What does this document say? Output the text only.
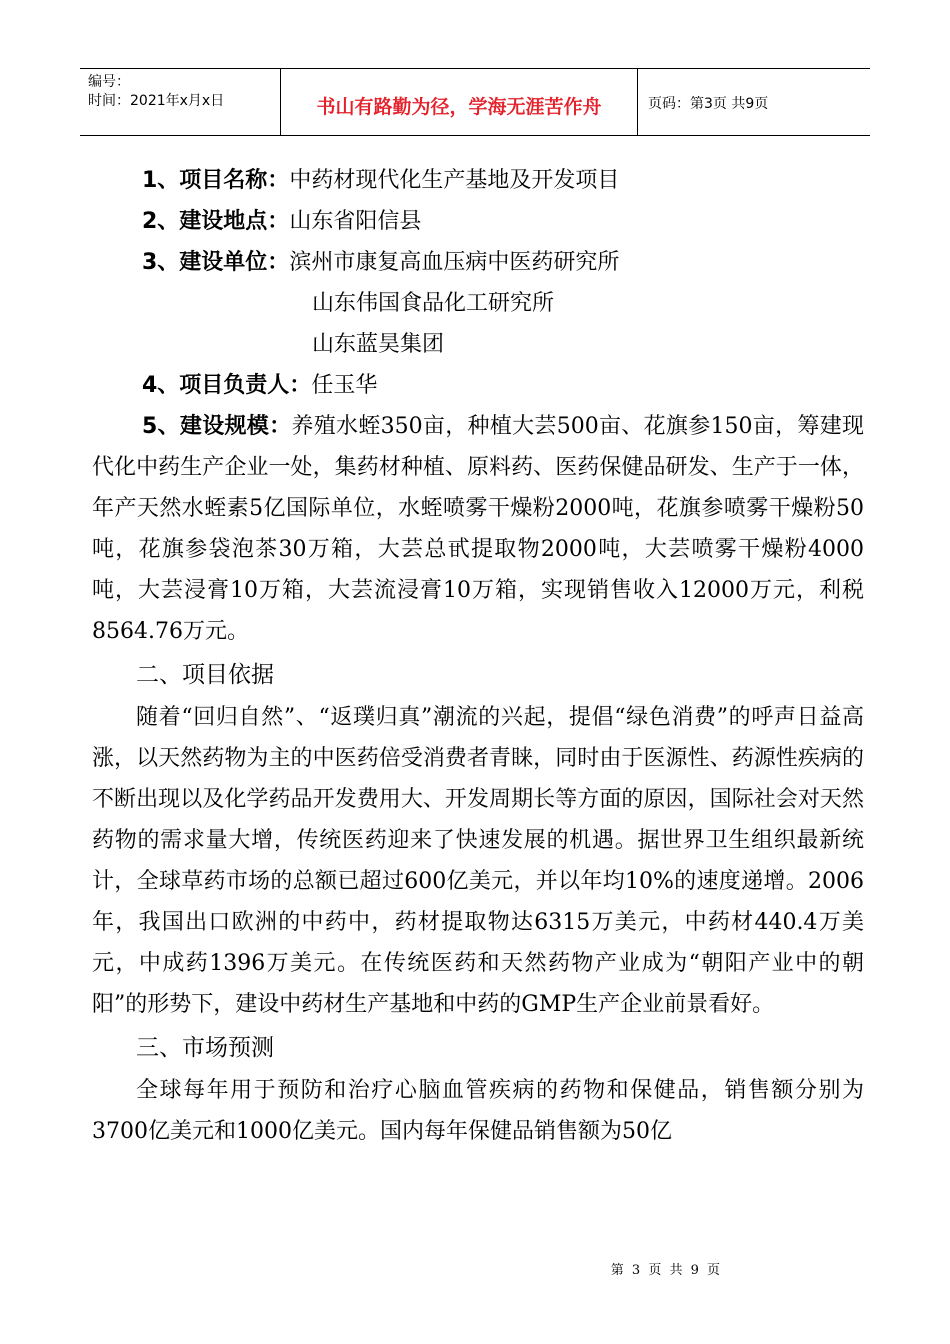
编号：
时间：2021年x月x日	书山有路勤为径，学海无涯苦作舟	页码：第3页 共9页
1、项目名称：中药材现代化生产基地及开发项目
2、建设地点：山东省阳信县
3、建设单位：滨州市康复高血压病中医药研究所
山东伟国食品化工研究所
山东蓝昊集团
4、项目负责人：任玉华

5、建设规模：养殖水蛭350亩，种植大芸500亩、花旗参150亩，筹建现代化中药生产企业一处，集药材种植、原料药、医药保健品研发、生产于一体，年产天然水蛭素5亿国际单位，水蛭喷雾干燥粉2000吨，花旗参喷雾干燥粉50吨，花旗参袋泡茶30万箱，大芸总甙提取物2000吨，大芸喷雾干燥粉4000吨，大芸浸膏10万箱，大芸流浸膏10万箱，实现销售收入12000万元，利税8564.76万元。

二、项目依据

随着“回归自然”、“返璞归真”潮流的兴起，提倡“绿色消费”的呼声日益高涨，以天然药物为主的中医药倍受消费者青睐，同时由于医源性、药源性疾病的不断出现以及化学药品开发费用大、开发周期长等方面的原因，国际社会对天然药物的需求量大增，传统医药迎来了快速发展的机遇。据世界卫生组织最新统计，全球草药市场的总额已超过600亿美元，并以年均10%的速度递增。2006年，我国出口欧洲的中药中，药材提取物达6315万美元，中药材440.4万美元，中成药1396万美元。在传统医药和天然药物产业成为“朝阳产业中的朝阳”的形势下，建设中药材生产基地和中药的GMP生产企业前景看好。

三、市场预测

全球每年用于预防和治疗心脑血管疾病的药物和保健品，销售额分别为3700亿美元和1000亿美元。国内每年保健品销售额为50亿

第 3 页 共 9 页
